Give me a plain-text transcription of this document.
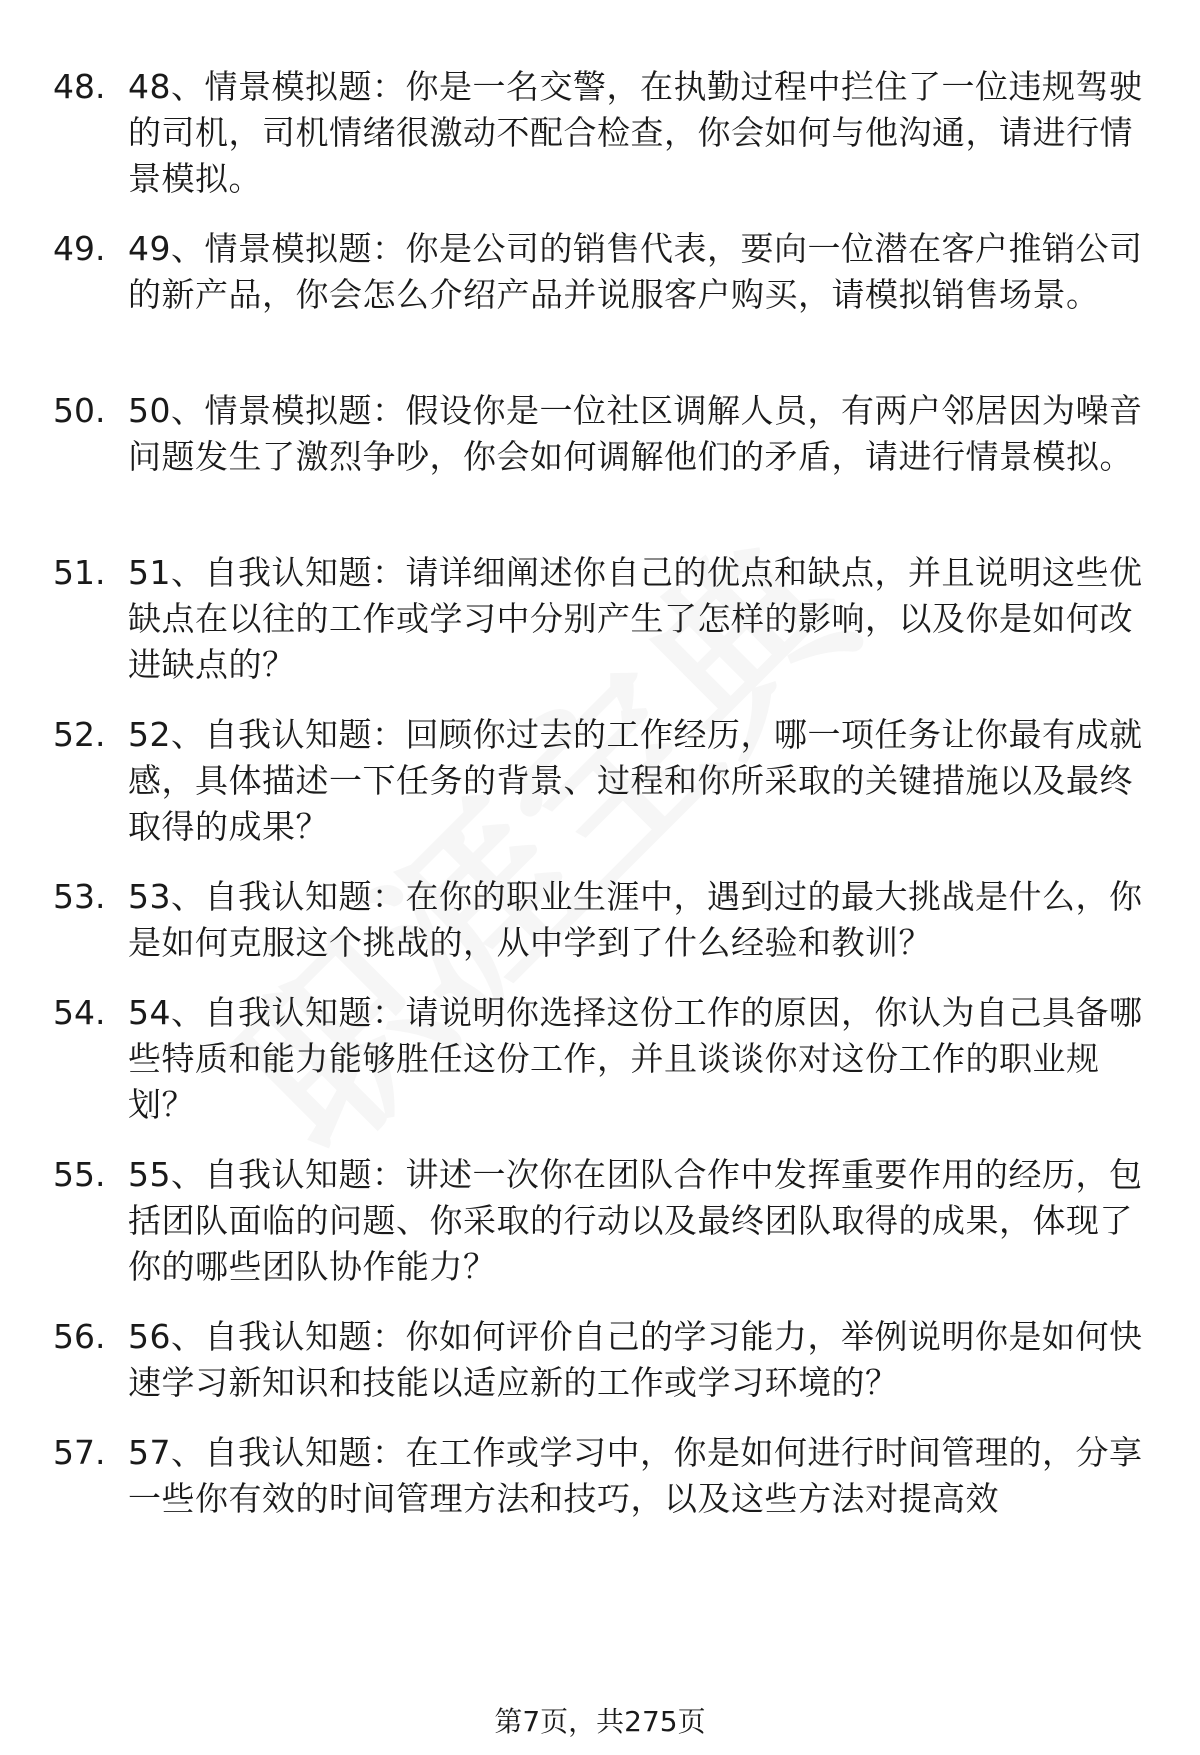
48. 48、情景模拟题：你是一名交警，在执勤过程中拦住了一位违规驾驶的司机，司机情绪很激动不配合检查，你会如何与他沟通，请进行情景模拟。
49. 49、情景模拟题：你是公司的销售代表，要向一位潜在客户推销公司的新产品，你会怎么介绍产品并说服客户购买，请模拟销售场景。
50. 50、情景模拟题：假设你是一位社区调解人员，有两户邻居因为噪音问题发生了激烈争吵，你会如何调解他们的矛盾，请进行情景模拟。
51. 51、自我认知题：请详细阐述你自己的优点和缺点，并且说明这些优缺点在以往的工作或学习中分别产生了怎样的影响，以及你是如何改进缺点的？
52. 52、自我认知题：回顾你过去的工作经历，哪一项任务让你最有成就感，具体描述一下任务的背景、过程和你所采取的关键措施以及最终取得的成果？
53. 53、自我认知题：在你的职业生涯中，遇到过的最大挑战是什么，你是如何克服这个挑战的，从中学到了什么经验和教训？
54. 54、自我认知题：请说明你选择这份工作的原因，你认为自己具备哪些特质和能力能够胜任这份工作，并且谈谈你对这份工作的职业规划？
55. 55、自我认知题：讲述一次你在团队合作中发挥重要作用的经历，包括团队面临的问题、你采取的行动以及最终团队取得的成果，体现了你的哪些团队协作能力？
56. 56、自我认知题：你如何评价自己的学习能力，举例说明你是如何快速学习新知识和技能以适应新的工作或学习环境的？
57. 57、自我认知题：在工作或学习中，你是如何进行时间管理的，分享一些你有效的时间管理方法和技巧，以及这些方法对提高效
第7页，共275页
